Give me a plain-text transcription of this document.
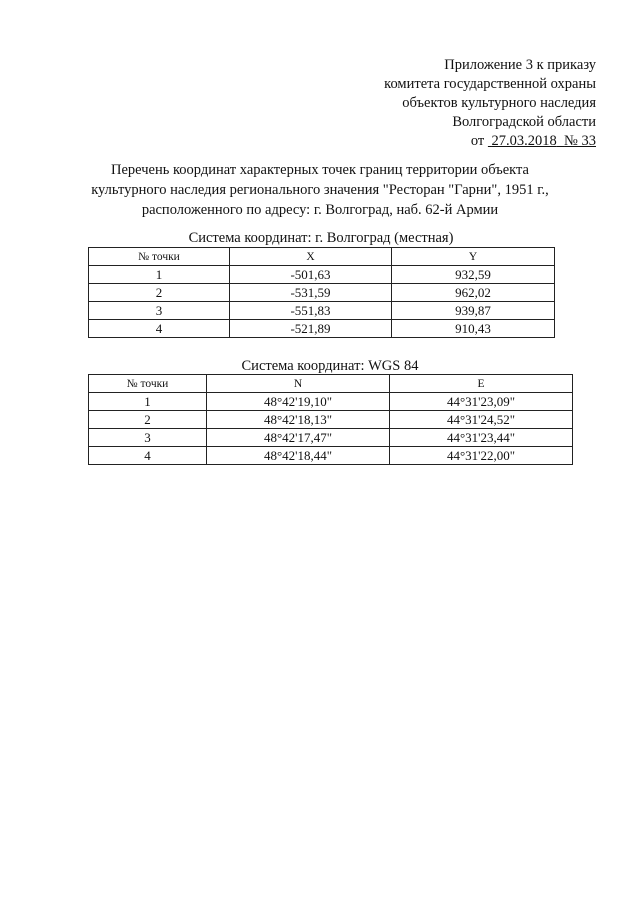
Приложение 3 к приказу
комитета государственной охраны
объектов культурного наследия
Волгоградской области
от 27.03.2018 № 33
Перечень координат характерных точек границ территории объекта
культурного наследия регионального значения "Ресторан "Гарни", 1951 г.,
расположенного по адресу: г. Волгоград, наб. 62-й Армии
Система координат: г. Волгоград (местная)
№ точки	X	Y
1	-501,63	932,59
2	-531,59	962,02
3	-551,83	939,87
4	-521,89	910,43
Система координат: WGS 84
№ точки	N	E
1	48°42'19,10"	44°31'23,09"
2	48°42'18,13"	44°31'24,52"
3	48°42'17,47"	44°31'23,44"
4	48°42'18,44"	44°31'22,00"
